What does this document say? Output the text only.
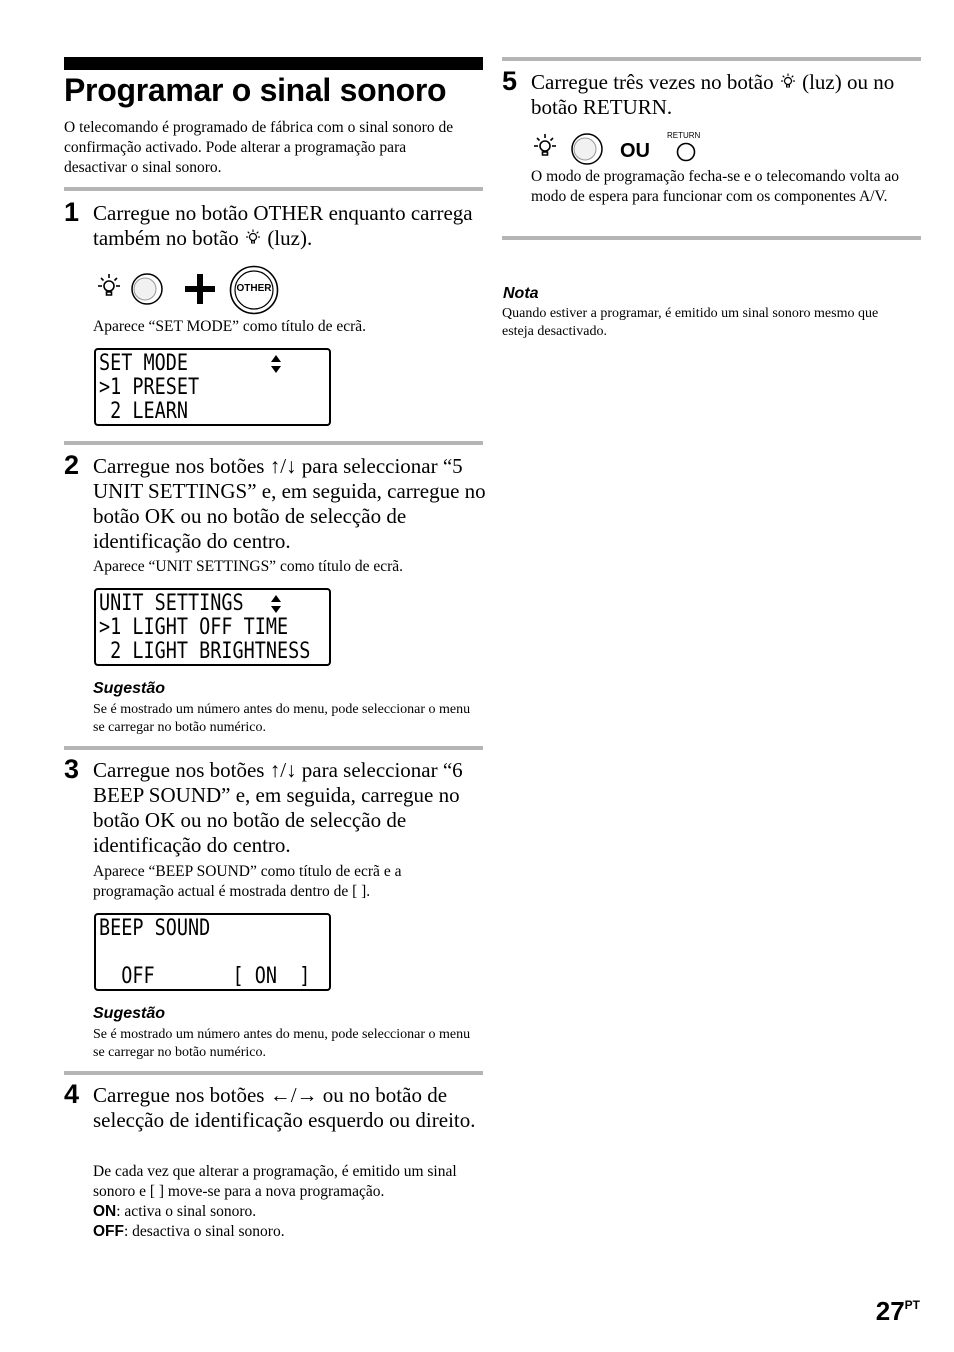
Programar o sinal sonoro

O telecomando é programado de fábrica com o sinal sonoro de confirmação activado. Pode alterar a programação para desactivar o sinal sonoro.

1 Carregue no botão OTHER enquanto carrega também no botão  (luz).

OTHER

Aparece “SET MODE” como título de ecrã.

SET MODE
>1 PRESET
2 LEARN
2 Carregue nos botões ↑/↓ para seleccionar “5 UNIT SETTINGS” e, em seguida, carregue no botão OK ou no botão de selecção de identificação do centro.

Aparece “UNIT SETTINGS” como título de ecrã.

UNIT SETTINGS
>1 LIGHT OFF TIME
2 LIGHT BRIGHTNESS
Sugestão

Se é mostrado um número antes do menu, pode seleccionar o menu se carregar no botão numérico.

3 Carregue nos botões ↑/↓ para seleccionar “6 BEEP SOUND” e, em seguida, carregue no botão OK ou no botão de selecção de identificação do centro.

Aparece “BEEP SOUND” como título de ecrã e a programação actual é mostrada dentro de [ ].

BEEP SOUND
OFF       [ ON  ]
Sugestão

Se é mostrado um número antes do menu, pode seleccionar o menu se carregar no botão numérico.

4 Carregue nos botões ←/→ ou no botão de selecção de identificação esquerdo ou direito.

De cada vez que alterar a programação, é emitido um sinal sonoro e [ ] move-se para a nova programação.

ON: activa o sinal sonoro.

OFF: desactiva o sinal sonoro.

5 Carregue três vezes no botão  (luz) ou no botão RETURN.

OU
RETURN

O modo de programação fecha-se e o telecomando volta ao modo de espera para funcionar com os componentes A/V.

Nota

Quando estiver a programar, é emitido um sinal sonoro mesmo que esteja desactivado.

$27^{PT}$
